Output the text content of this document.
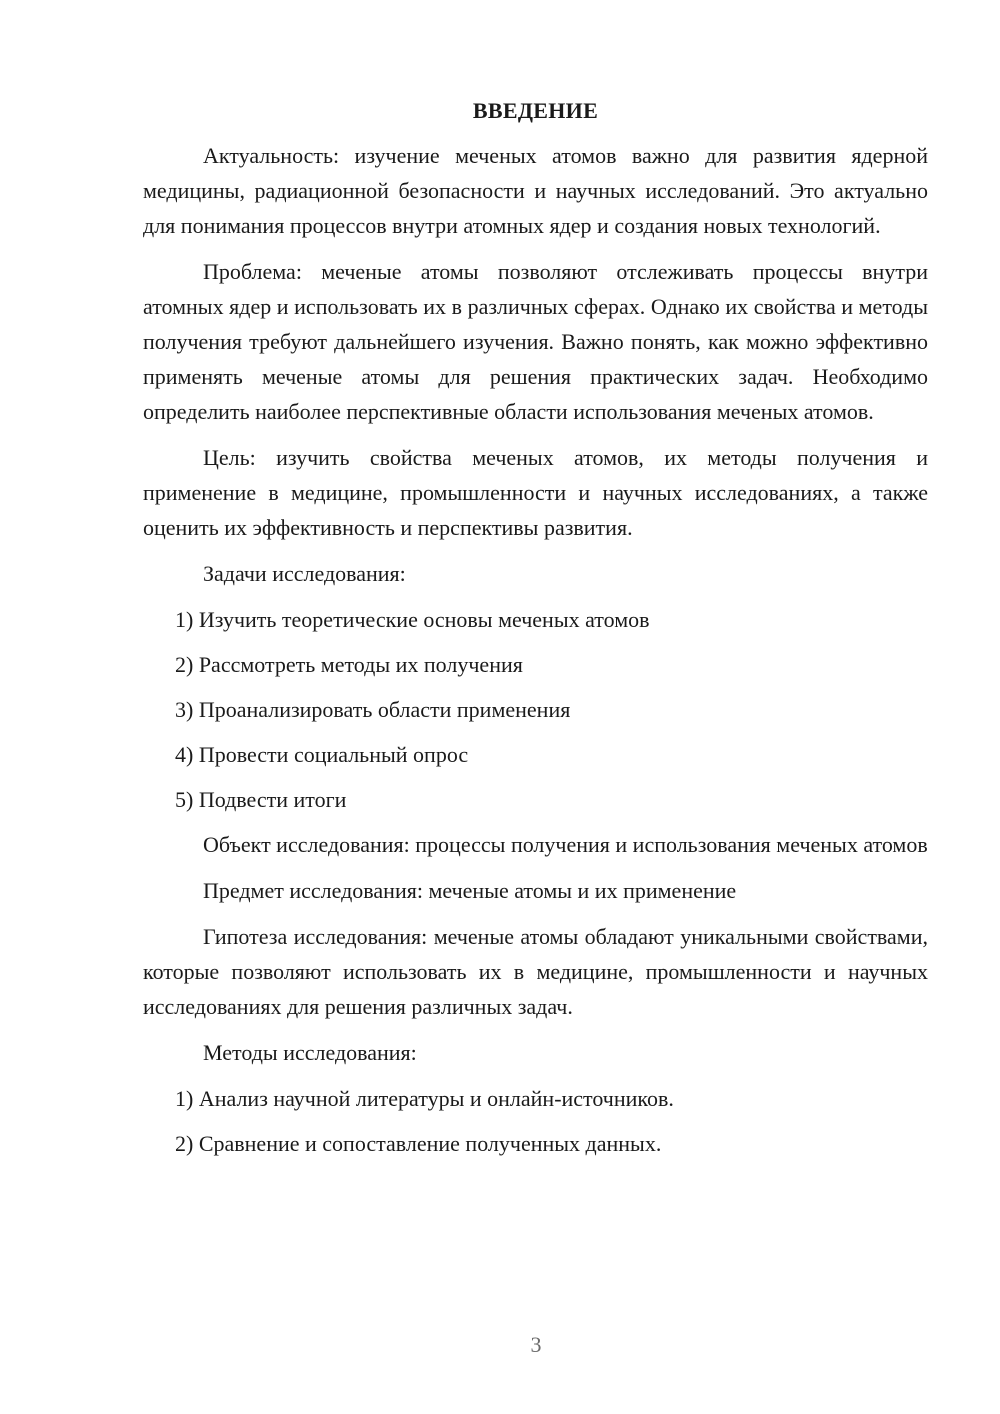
ВВЕДЕНИЕ

Актуальность: изучение меченых атомов важно для развития ядерной медицины, радиационной безопасности и научных исследований. Это актуально для понимания процессов внутри атомных ядер и создания новых технологий.

Проблема: меченые атомы позволяют отслеживать процессы внутри атомных ядер и использовать их в различных сферах. Однако их свойства и методы получения требуют дальнейшего изучения. Важно понять, как можно эффективно применять меченые атомы для решения практических задач. Необходимо определить наиболее перспективные области использования меченых атомов.

Цель: изучить свойства меченых атомов, их методы получения и применение в медицине, промышленности и научных исследованиях, а также оценить их эффективность и перспективы развития.

Задачи исследования:

1) Изучить теоретические основы меченых атомов

2) Рассмотреть методы их получения

3) Проанализировать области применения

4) Провести социальный опрос

5) Подвести итоги

Объект исследования: процессы получения и использования меченых атомов

Предмет исследования: меченые атомы и их применение

Гипотеза исследования: меченые атомы обладают уникальными свойствами, которые позволяют использовать их в медицине, промышленности и научных исследованиях для решения различных задач.

Методы исследования:

1) Анализ научной литературы и онлайн-источников.

2) Сравнение и сопоставление полученных данных.

3
